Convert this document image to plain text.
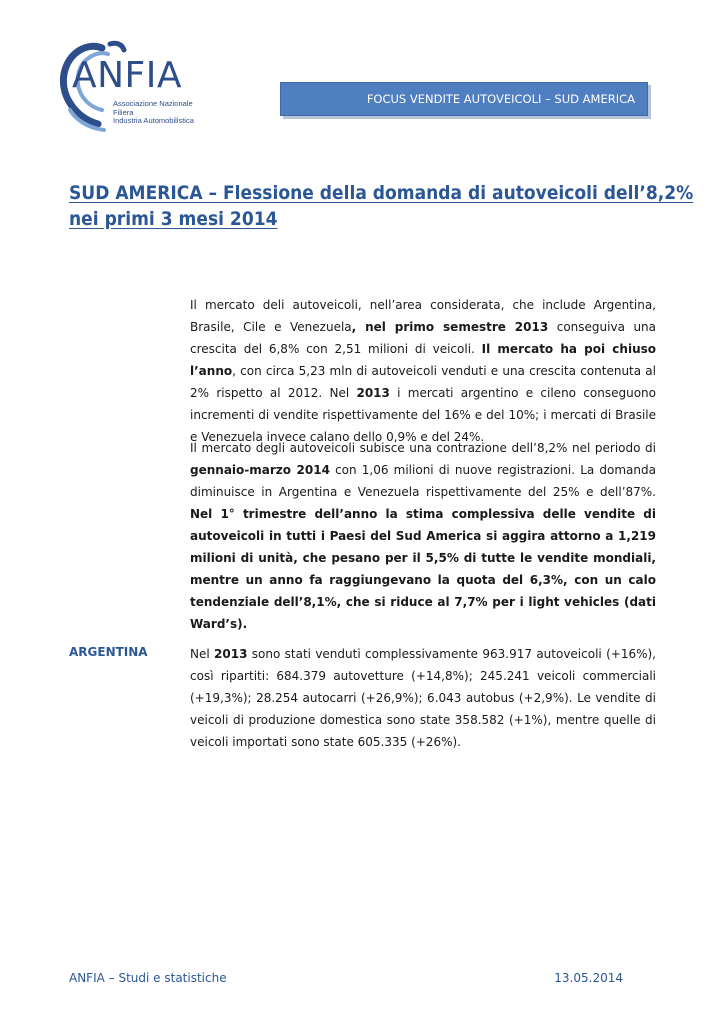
ANFIA
Associazione Nazionale
Filiera
Industria Automobilistica
FOCUS VENDITE AUTOVEICOLI – SUD AMERICA
SUD AMERICA – Flessione della domanda di autoveicoli dell’8,2%
nei primi 3 mesi 2014

Il mercato deli autoveicoli, nell’area considerata, che include Argentina, Brasile, Cile e Venezuela, nel primo semestre 2013 conseguiva una crescita del 6,8% con 2,51 milioni di veicoli. Il mercato ha poi chiuso l’anno, con circa 5,23 mln di autoveicoli venduti e una crescita contenuta al 2% rispetto al 2012. Nel 2013 i mercati argentino e cileno conseguono incrementi di vendite rispettivamente del 16% e del 10%; i mercati di Brasile e Venezuela invece calano dello 0,9% e del 24%.

Il mercato degli autoveicoli subisce una contrazione dell’8,2% nel periodo di gennaio-marzo 2014 con 1,06 milioni di nuove registrazioni. La domanda diminuisce in Argentina e Venezuela rispettivamente del 25% e dell’87%. Nel 1° trimestre dell’anno la stima complessiva delle vendite di autoveicoli in tutti i Paesi del Sud America si aggira attorno a 1,219 milioni di unità, che pesano per il 5,5% di tutte le vendite mondiali, mentre un anno fa raggiungevano la quota del 6,3%, con un calo tendenziale dell’8,1%, che si riduce al 7,7% per i light vehicles (dati Ward’s).

ARGENTINA	Nel 2013 sono stati venduti complessivamente 963.917 autoveicoli (+16%), così ripartiti: 684.379 autovetture (+14,8%); 245.241 veicoli commerciali (+19,3%); 28.254 autocarri (+26,9%); 6.043 autobus (+2,9%). Le vendite di veicoli di produzione domestica sono state 358.582 (+1%), mentre quelle di veicoli importati sono state 605.335 (+26%).

ANFIA – Studi e statistiche	13.05.2014
